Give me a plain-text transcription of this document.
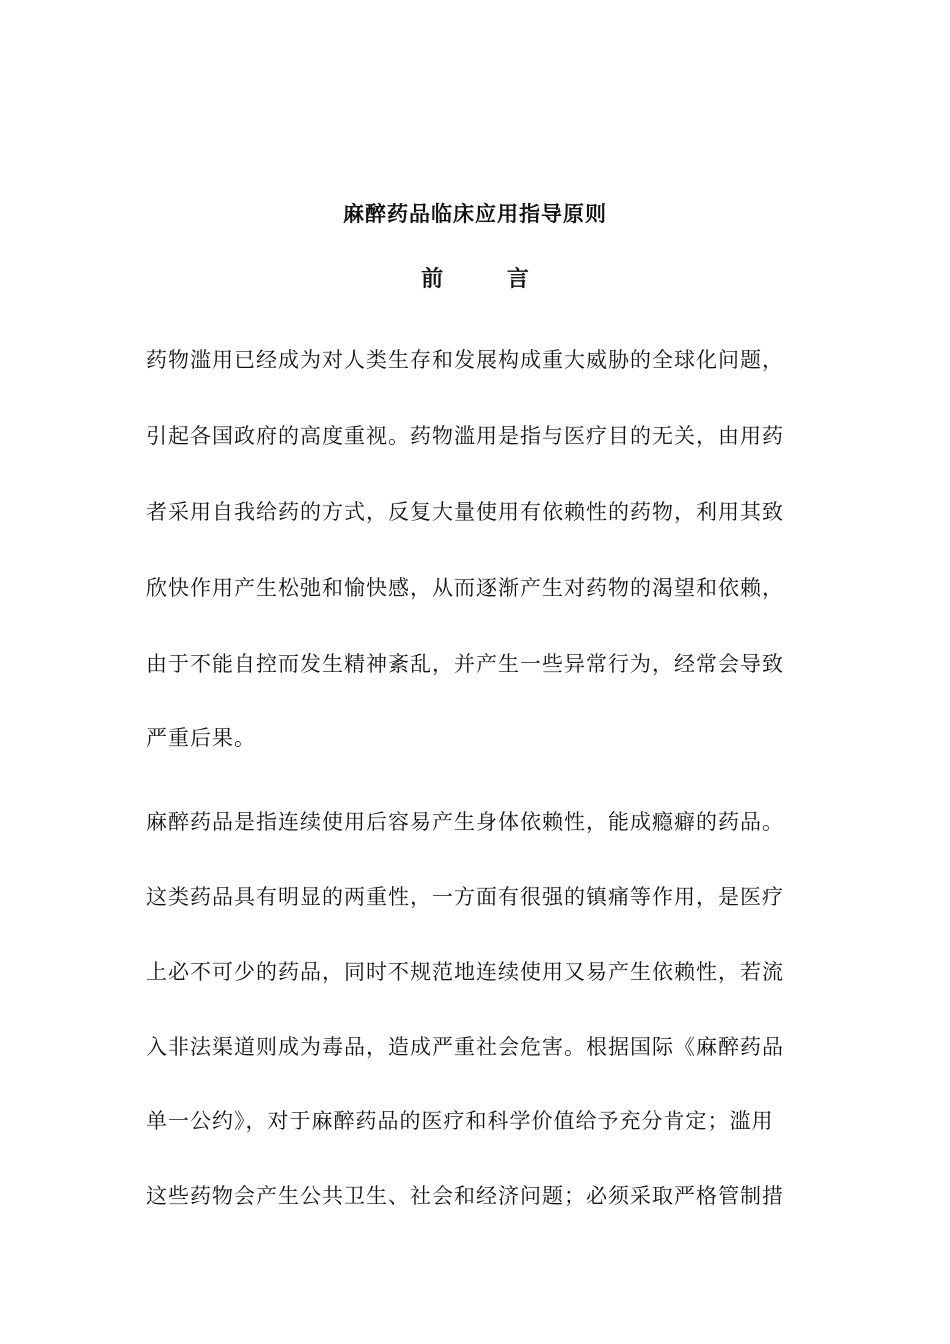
麻醉药品临床应用指导原则
前 言

药物滥用已经成为对人类生存和发展构成重大威胁的全球化问题，

引起各国政府的高度重视。药物滥用是指与医疗目的无关，由用药

者采用自我给药的方式，反复大量使用有依赖性的药物，利用其致

欣快作用产生松弛和愉快感，从而逐渐产生对药物的渴望和依赖，

由于不能自控而发生精神紊乱，并产生一些异常行为，经常会导致

严重后果。

麻醉药品是指连续使用后容易产生身体依赖性，能成瘾癖的药品。

这类药品具有明显的两重性，一方面有很强的镇痛等作用，是医疗

上必不可少的药品，同时不规范地连续使用又易产生依赖性，若流

入非法渠道则成为毒品，造成严重社会危害。根据国际《麻醉药品

单一公约》，对于麻醉药品的医疗和科学价值给予充分肯定；滥用

这些药物会产生公共卫生、社会和经济问题；必须采取严格管制措
